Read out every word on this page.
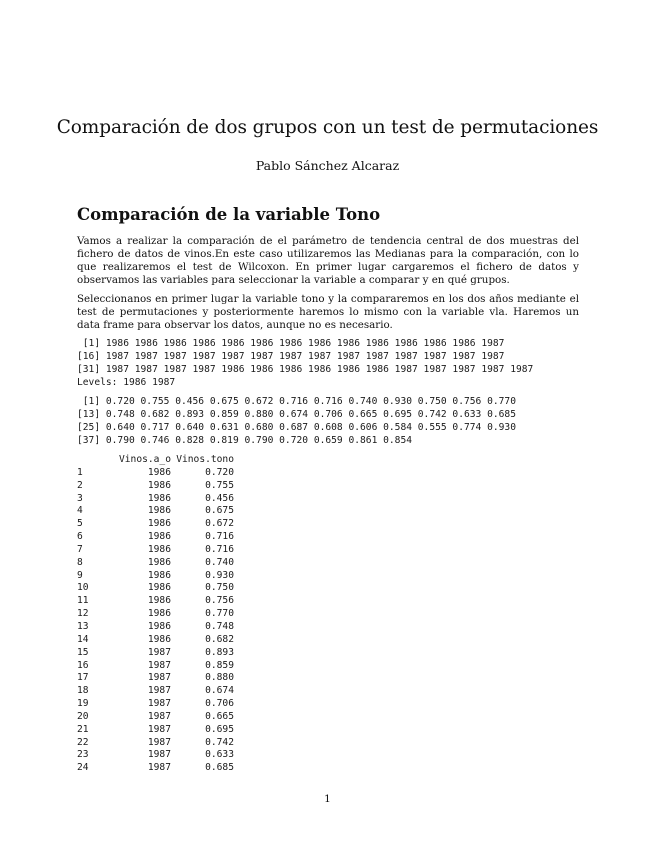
Comparación de dos grupos con un test de permutaciones

Pablo Sánchez Alcaraz

Comparación de la variable Tono

Vamos a realizar la comparación de el parámetro de tendencia central de dos muestras del fichero de datos de vinos.En este caso utilizaremos las Medianas para la comparación, con lo que realizaremos el test de Wilcoxon. En primer lugar cargaremos el fichero de datos y observamos las variables para seleccionar la variable a comparar y en qué grupos.

Seleccionanos en primer lugar la variable tono y la compararemos en los dos años mediante el test de permutaciones y posteriormente haremos lo mismo con la variable vla. Haremos un data frame para observar los datos, aunque no es necesario.

[1] 1986 1986 1986 1986 1986 1986 1986 1986 1986 1986 1986 1986 1986 1987
[16] 1987 1987 1987 1987 1987 1987 1987 1987 1987 1987 1987 1987 1987 1987
[31] 1987 1987 1987 1987 1986 1986 1986 1986 1986 1986 1987 1987 1987 1987 1987
Levels: 1986 1987
[1] 0.720 0.755 0.456 0.675 0.672 0.716 0.716 0.740 0.930 0.750 0.756 0.770
[13] 0.748 0.682 0.893 0.859 0.880 0.674 0.706 0.665 0.695 0.742 0.633 0.685
[25] 0.640 0.717 0.640 0.631 0.680 0.687 0.608 0.606 0.584 0.555 0.774 0.930
[37] 0.790 0.746 0.828 0.819 0.790 0.720 0.659 0.861 0.854
	Vinos.a_o	Vinos.tono
1	1986	0.720
2	1986	0.755
3	1986	0.456
4	1986	0.675
5	1986	0.672
6	1986	0.716
7	1986	0.716
8	1986	0.740
9	1986	0.930
10	1986	0.750
11	1986	0.756
12	1986	0.770
13	1986	0.748
14	1986	0.682
15	1987	0.893
16	1987	0.859
17	1987	0.880
18	1987	0.674
19	1987	0.706
20	1987	0.665
21	1987	0.695
22	1987	0.742
23	1987	0.633
24	1987	0.685

1
